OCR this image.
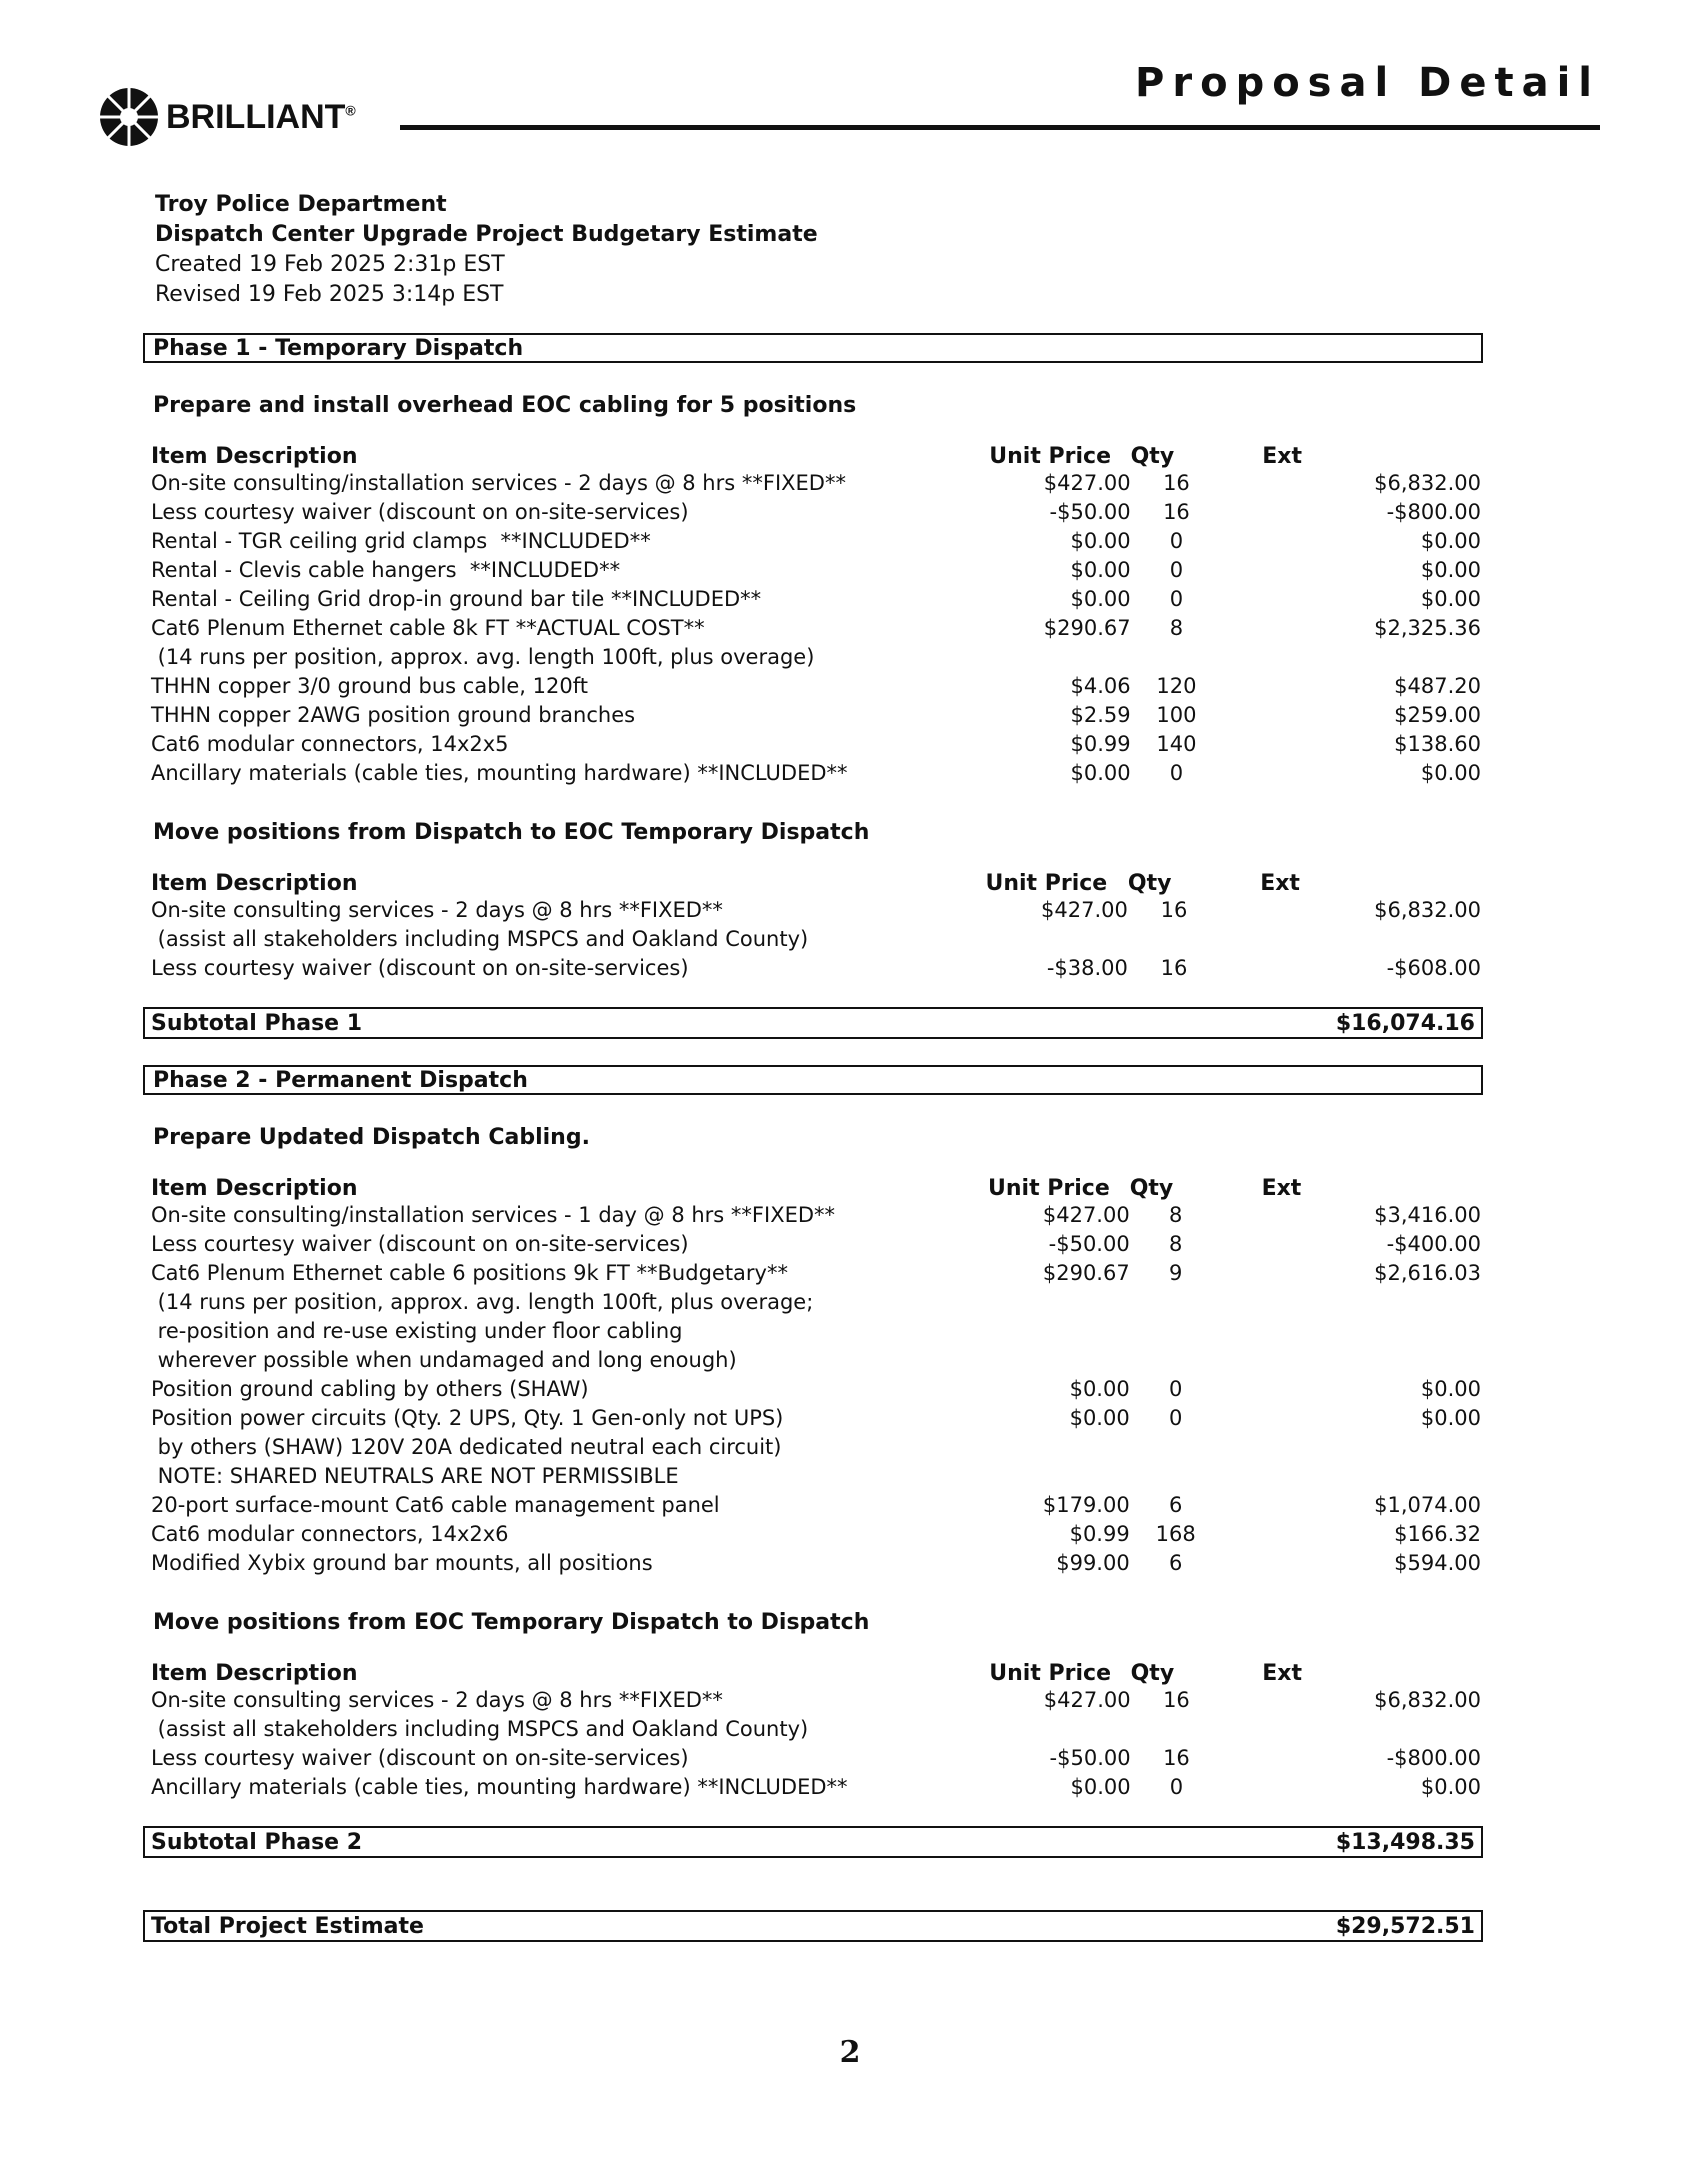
BRILLIANT®
Proposal Detail
Troy Police Department
Dispatch Center Upgrade Project Budgetary Estimate
Created 19 Feb 2025 2:31p EST
Revised 19 Feb 2025 3:14p EST
Phase 1 - Temporary Dispatch
Prepare and install overhead EOC cabling for 5 positions
Item Description	Unit Price	Qty	Ext
On-site consulting/installation services - 2 days @ 8 hrs **FIXED**	$427.00	16	$6,832.00
Less courtesy waiver (discount on on-site-services)	-$50.00	16	-$800.00
Rental - TGR ceiling grid clamps  **INCLUDED**	$0.00	0	$0.00
Rental - Clevis cable hangers  **INCLUDED**	$0.00	0	$0.00
Rental - Ceiling Grid drop-in ground bar tile **INCLUDED**	$0.00	0	$0.00
Cat6 Plenum Ethernet cable 8k FT **ACTUAL COST**	$290.67	8	$2,325.36
(14 runs per position, approx. avg. length 100ft, plus overage)			
THHN copper 3/0 ground bus cable, 120ft	$4.06	120	$487.20
THHN copper 2AWG position ground branches	$2.59	100	$259.00
Cat6 modular connectors, 14x2x5	$0.99	140	$138.60
Ancillary materials (cable ties, mounting hardware) **INCLUDED**	$0.00	0	$0.00
Move positions from Dispatch to EOC Temporary Dispatch
Item Description	Unit Price	Qty	Ext
On-site consulting services - 2 days @ 8 hrs **FIXED**	$427.00	16	$6,832.00
(assist all stakeholders including MSPCS and Oakland County)			
Less courtesy waiver (discount on on-site-services)	-$38.00	16	-$608.00
Subtotal Phase 1	$16,074.16
Phase 2 - Permanent Dispatch
Prepare Updated Dispatch Cabling.
Item Description	Unit Price	Qty	Ext
On-site consulting/installation services - 1 day @ 8 hrs **FIXED**	$427.00	8	$3,416.00
Less courtesy waiver (discount on on-site-services)	-$50.00	8	-$400.00
Cat6 Plenum Ethernet cable 6 positions 9k FT **Budgetary**	$290.67	9	$2,616.03
(14 runs per position, approx. avg. length 100ft, plus overage;			
re-position and re-use existing under floor cabling			
wherever possible when undamaged and long enough)			
Position ground cabling by others (SHAW)	$0.00	0	$0.00
Position power circuits (Qty. 2 UPS, Qty. 1 Gen-only not UPS)	$0.00	0	$0.00
by others (SHAW) 120V 20A dedicated neutral each circuit)			
NOTE: SHARED NEUTRALS ARE NOT PERMISSIBLE			
20-port surface-mount Cat6 cable management panel	$179.00	6	$1,074.00
Cat6 modular connectors, 14x2x6	$0.99	168	$166.32
Modified Xybix ground bar mounts, all positions	$99.00	6	$594.00
Move positions from EOC Temporary Dispatch to Dispatch
Item Description	Unit Price	Qty	Ext
On-site consulting services - 2 days @ 8 hrs **FIXED**	$427.00	16	$6,832.00
(assist all stakeholders including MSPCS and Oakland County)			
Less courtesy waiver (discount on on-site-services)	-$50.00	16	-$800.00
Ancillary materials (cable ties, mounting hardware) **INCLUDED**	$0.00	0	$0.00
Subtotal Phase 2	$13,498.35
Total Project Estimate	$29,572.51
2
